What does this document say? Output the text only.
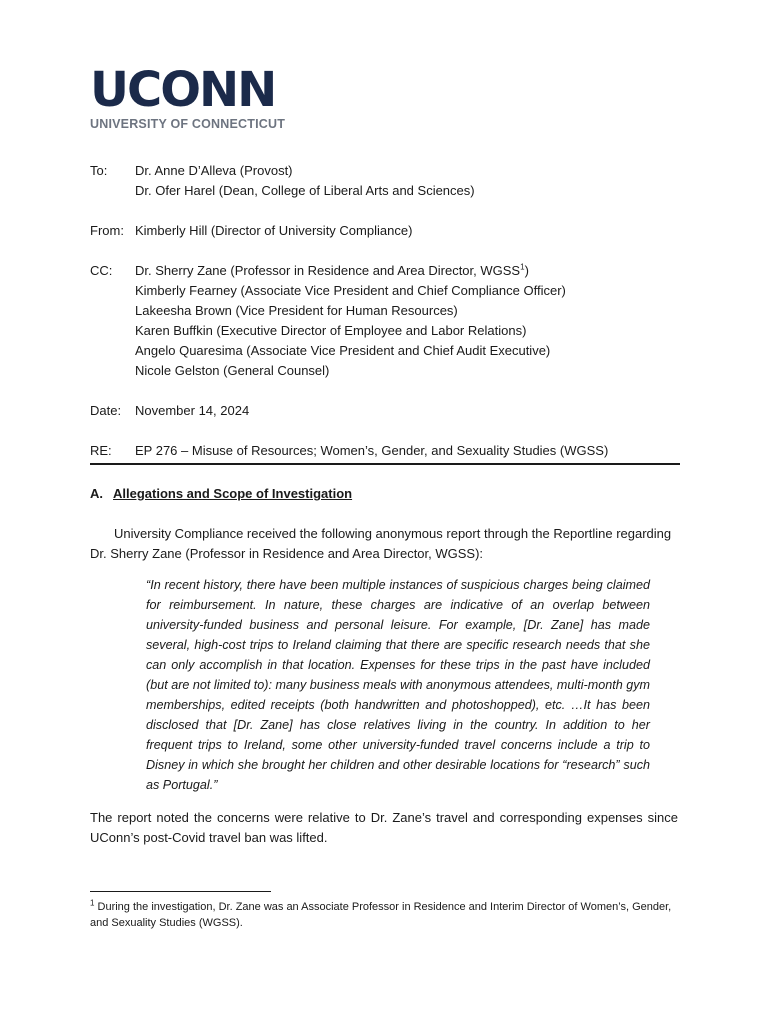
UCONN
UNIVERSITY OF CONNECTICUT
To:	Dr. Anne D’Alleva (Provost)
Dr. Ofer Harel (Dean, College of Liberal Arts and Sciences)
From: Kimberly Hill (Director of University Compliance)
CC:	Dr. Sherry Zane (Professor in Residence and Area Director, WGSS$^1$)
Kimberly Fearney (Associate Vice President and Chief Compliance Officer)
Lakeesha Brown (Vice President for Human Resources)
Karen Buffkin (Executive Director of Employee and Labor Relations)
Angelo Quaresima (Associate Vice President and Chief Audit Executive)
Nicole Gelston (General Counsel)
Date:	November 14, 2024
RE:	EP 276 – Misuse of Resources; Women’s, Gender, and Sexuality Studies (WGSS)
A. Allegations and Scope of Investigation
University Compliance received the following anonymous report through the Reportline regarding
Dr. Sherry Zane (Professor in Residence and Area Director, WGSS):
“In recent history, there have been multiple instances of suspicious charges being claimed for reimbursement. In nature, these charges are indicative of an overlap between university-funded business and personal leisure. For example, [Dr. Zane] has made several, high-cost trips to Ireland claiming that there are specific research needs that she can only accomplish in that location. Expenses for these trips in the past have included (but are not limited to): many business meals with anonymous attendees, multi-month gym memberships, edited receipts (both handwritten and photoshopped), etc. …It has been disclosed that [Dr. Zane] has close relatives living in the country. In addition to her frequent trips to Ireland, some other university-funded travel concerns include a trip to Disney in which she brought her children and other desirable locations for “research” such as Portugal.”
The report noted the concerns were relative to Dr. Zane’s travel and corresponding expenses since UConn’s post-Covid travel ban was lifted.
$^1$ During the investigation, Dr. Zane was an Associate Professor in Residence and Interim Director of Women’s, Gender, and Sexuality Studies (WGSS).
